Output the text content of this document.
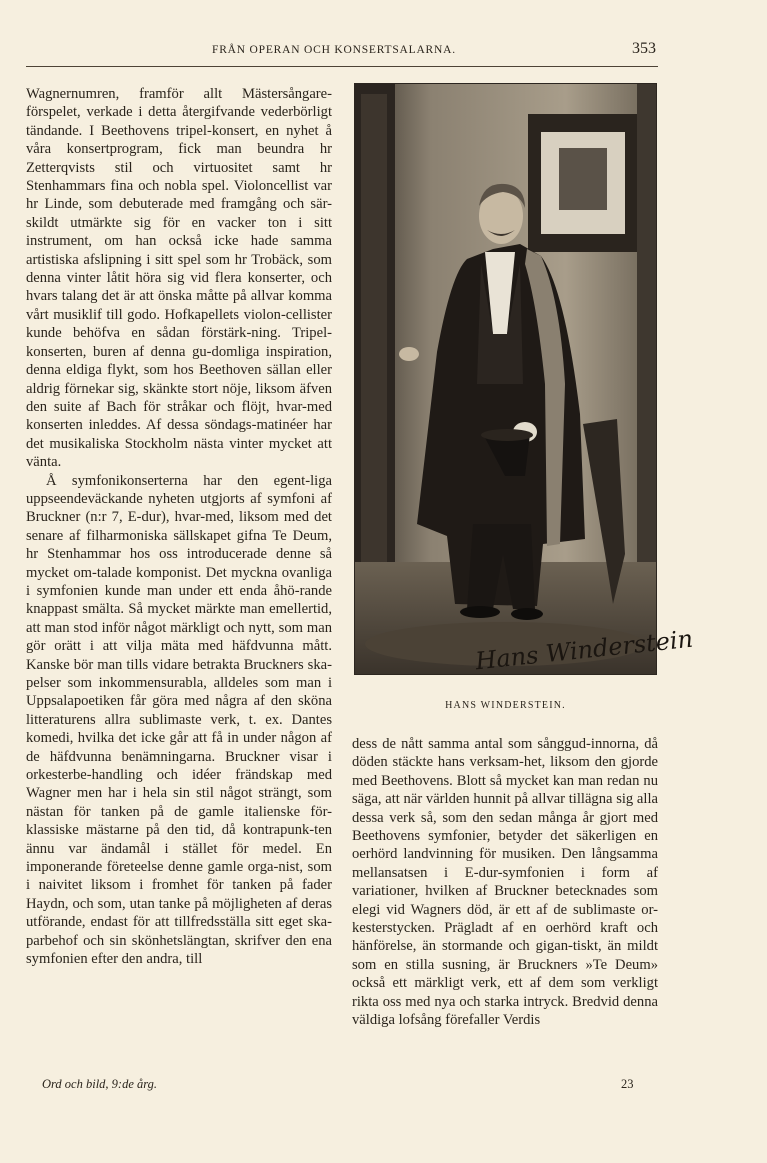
FRÅN OPERAN OCH KONSERTSALARNA.	353

Wagnernumren, framför allt Mästersångare-förspelet, verkade i detta återgifvande vederbörligt tändande. I Beethovens tripel-konsert, en nyhet å våra konsertprogram, fick man beundra hr Zetterqvists stil och virtuositet samt hr Stenhammars fina och nobla spel. Violoncellist var hr Linde, som debuterade med framgång och sär-skildt utmärkte sig för en vacker ton i sitt instrument, om han också icke hade samma artistiska afslipning i sitt spel som hr Trobäck, som denna vinter låtit höra sig vid flera konserter, och hvars talang det är att önska måtte på allvar komma vårt musiklif till godo. Hofkapellets violon-cellister kunde behöfva en sådan förstärk-ning. Tripel-konserten, buren af denna gu-domliga inspiration, denna eldiga flykt, som hos Beethoven sällan eller aldrig förnekar sig, skänkte stort nöje, liksom äfven den suite af Bach för stråkar och flöjt, hvar-med konserten inleddes. Af dessa söndags-matinéer har det musikaliska Stockholm nästa vinter mycket att vänta.

Å symfonikonserterna har den egent-liga uppseendeväckande nyheten utgjorts af symfoni af Bruckner (n:r 7, E-dur), hvar-med, liksom med det senare af filharmoniska sällskapet gifna Te Deum, hr Stenhammar hos oss introducerade denne så mycket om-talade komponist. Det myckna ovanliga i symfonien kunde man under ett enda åhö-rande knappast smälta. Så mycket märkte man emellertid, att man stod inför något märkligt och nytt, som man gör orätt i att vilja mäta med häfdvunna mått. Kanske bör man tills vidare betrakta Bruckners ska-pelser som inkommensurabla, alldeles som man i Uppsalapoetiken får göra med några af den sköna litteraturens allra sublimaste verk, t. ex. Dantes komedi, hvilka det icke går att få in under någon af de häfdvunna benämningarna. Bruckner visar i orkesterbe-handling och idéer frändskap med Wagner men har i hela sin stil något strängt, som nästan för tanken på de gamle italienske för-klassiske mästarne på den tid, då kontrapunk-ten ännu var ändamål i stället för medel. En imponerande företeelse denne gamle orga-nist, som i naivitet liksom i fromhet för tanken på fader Haydn, och som, utan tanke på möjligheten af deras utförande, endast för att tillfredsställa sitt eget ska-parbehof och sin skönhetslängtan, skrifver den ena symfonien efter den andra, till

Hans Winderstein
HANS WINDERSTEIN.

dess de nått samma antal som sånggud-innorna, då döden stäckte hans verksam-het, liksom den gjorde med Beethovens. Blott så mycket kan man redan nu säga, att när världen hunnit på allvar tillägna sig alla dessa verk så, som den sedan många år gjort med Beethovens symfonier, betyder det säkerligen en oerhörd landvinning för musiken. Den långsamma mellansatsen i E-dur-symfonien i form af variationer, hvilken af Bruckner betecknades som elegi vid Wagners död, är ett af de sublimaste or-kesterstycken. Prägladt af en oerhörd kraft och hänförelse, än stormande och gigan-tiskt, än mildt som en stilla susning, är Bruckners »Te Deum» också ett märkligt verk, ett af dem som verkligt rikta oss med nya och starka intryck. Bredvid denna väldiga lofsång förefaller Verdis

Ord och bild, 9:de årg.	23
